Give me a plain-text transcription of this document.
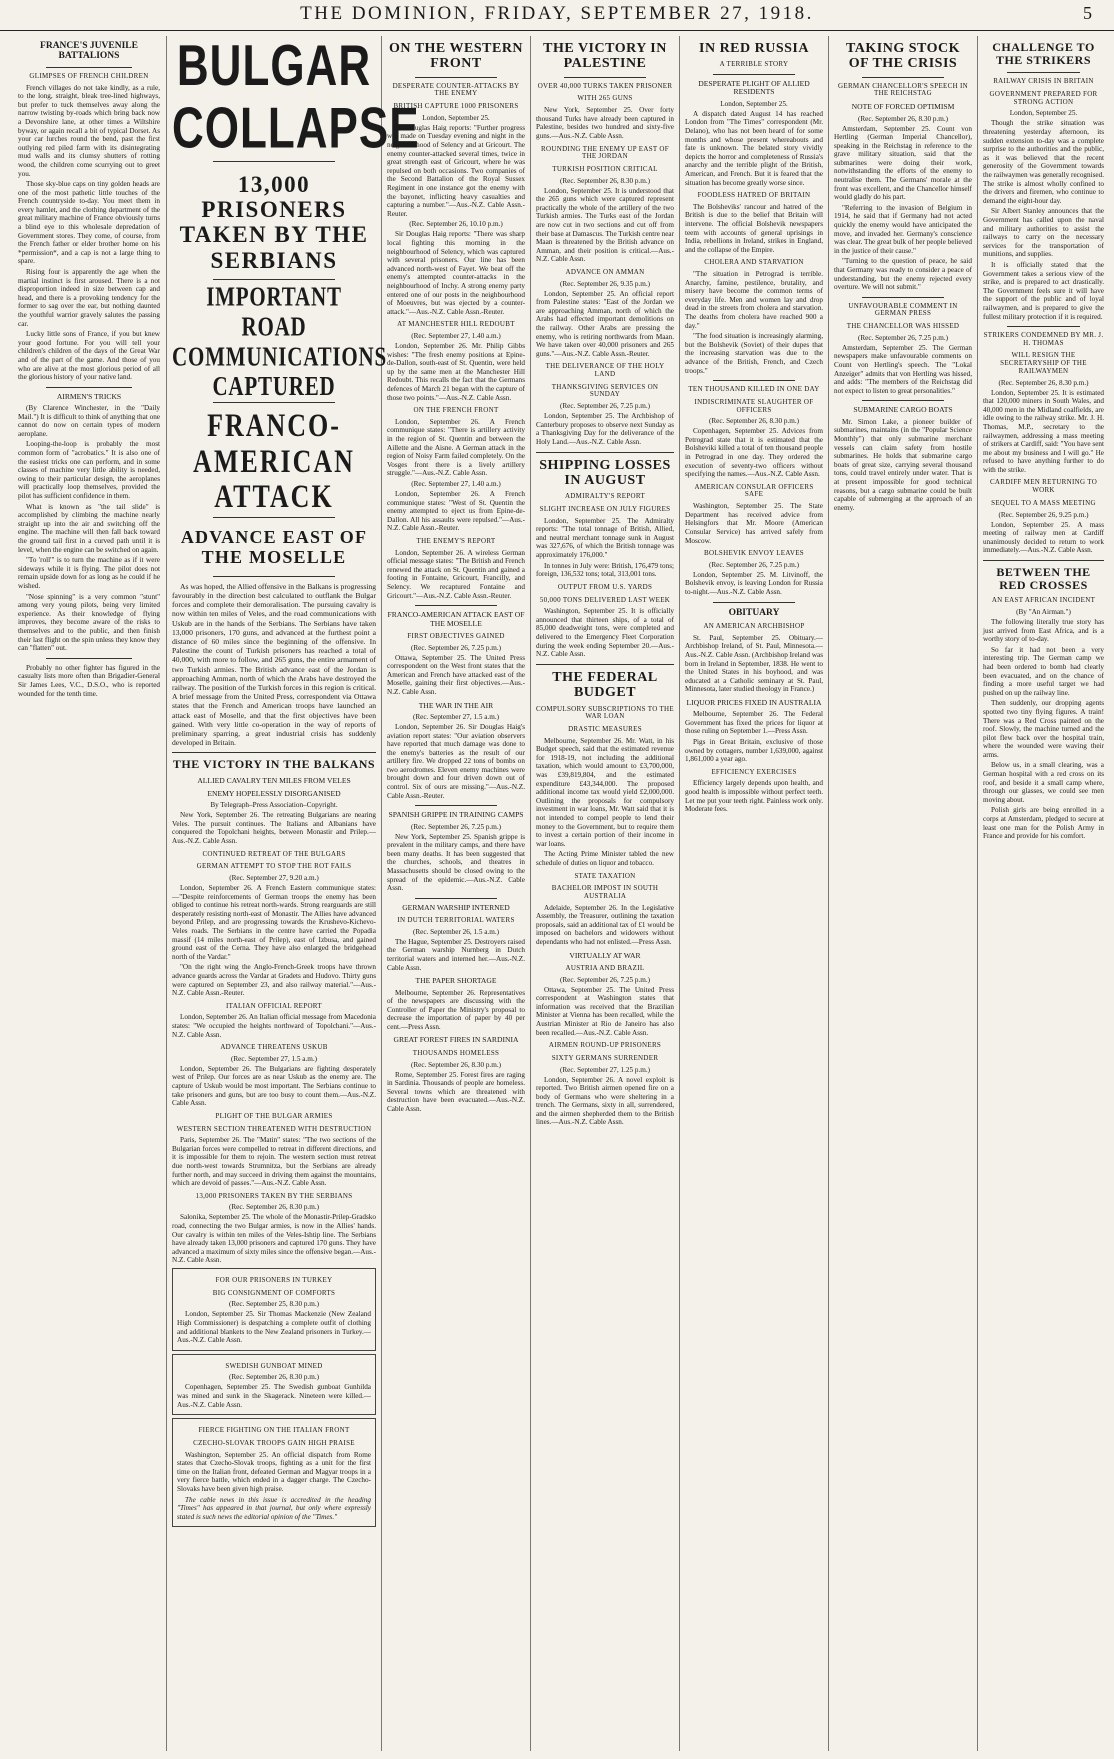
THE DOMINION, FRIDAY, SEPTEMBER 27, 1918.	5
FRANCE'S JUVENILE BATTALIONS
GLIMPSES OF FRENCH CHILDREN

French villages do not take kindly, as a rule, to the long, straight, bleak tree-lined highways, but prefer to tuck themselves away along the narrow twisting by-roads which bring back now a Devonshire lane, at other times a Wiltshire byway, or again recall a bit of typical Dorset. As your car lurches round the bend, past the first outlying red piled farm with its disintegrating mud walls and its clumsy shutters of rotting wood, the children come scurrying out to greet you.

Those sky-blue caps on tiny golden heads are one of the most pathetic little touches of the French countryside to-day. You meet them in every hamlet, and the clothing department of the great military machine of France obviously turns a blind eye to this wholesale depredation of Government stores. They come, of course, from the French father or elder brother home on his *permission*, and a cap is not a large thing to spare.

Rising four is apparently the age when the martial instinct is first aroused. There is a not disproportion indeed in size between cap and head, and there is a provoking tendency for the former to sag over the ear, but nothing daunted the youthful warrior gravely salutes the passing car.

Lucky little sons of France, if you but knew your good fortune. For you will tell your children's children of the days of the Great War and of the part of the game. And those of you who are alive at the most glorious period of all the glorious history of your native land.

AIRMEN'S TRICKS

(By Clarence Winchester, in the "Daily Mail.") It is difficult to think of anything that one cannot do now on certain types of modern aeroplane.

Looping-the-loop is probably the most common form of "acrobatics." It is also one of the easiest tricks one can perform, and in some classes of machine very little ability is needed, owing to their particular design, the aeroplanes will practically loop themselves, provided the pilot has sufficient confidence in them.

What is known as "the tail slide" is accomplished by climbing the machine nearly straight up into the air and switching off the engine. The machine will then fall back toward the ground tail first in a curved path until it is level, when the engine can be switched on again.

"To 'roll'" is to turn the machine as if it were sideways while it is flying. The pilot does not remain upside down for as long as he could if he wished.

"Nose spinning" is a very common "stunt" among very young pilots, being very limited experience. As their knowledge of flying improves, they become aware of the risks to themselves and to the public, and then finish their last flight on the spin unless they know they can "flatten" out.

Probably no other fighter has figured in the casualty lists more often than Brigadier-General Sir James Lees, V.C., D.S.O., who is reported wounded for the tenth time.

BULGAR COLLAPSE
13,000 PRISONERS TAKEN BY THE SERBIANS
IMPORTANT ROAD COMMUNICATIONS CAPTURED
FRANCO-AMERICAN ATTACK
ADVANCE EAST OF THE MOSELLE

As was hoped, the Allied offensive in the Balkans is progressing favourably in the direction best calculated to outflank the Bulgar forces and complete their demoralisation. The pursuing cavalry is now within ten miles of Veles, and the road communications with Uskub are in the hands of the Serbians. The Serbians have taken 13,000 prisoners, 170 guns, and advanced at the furthest point a distance of 60 miles since the beginning of the offensive. In Palestine the count of Turkish prisoners has reached a total of 40,000, with more to follow, and 265 guns, the entire armament of two Turkish armies. The British advance east of the Jordan is approaching Amman, north of which the Arabs have destroyed the railway. The position of the Turkish forces in this region is critical. A brief message from the United Press, correspondent via Ottawa states that the French and American troops have launched an attack east of Moselle, and that the first objectives have been gained. With very little co-operation in the way of reports of preliminary sparring, a great industrial crisis has suddenly developed in Britain.

THE VICTORY IN THE BALKANS
ALLIED CAVALRY TEN MILES FROM VELES
ENEMY HOPELESSLY DISORGANISED
By Telegraph–Press Association–Copyright.

New York, September 26. The retreating Bulgarians are nearing Veles. The pursuit continues. The Italians and Albanians have conquered the Topolchani heights, between Monastir and Prilep.—Aus.-N.Z. Cable Assn.

CONTINUED RETREAT OF THE BULGARS
GERMAN ATTEMPT TO STOP THE ROT FAILS
(Rec. September 27, 9.20 a.m.)

London, September 26. A French Eastern communique states:—"Despite reinforcements of German troops the enemy has been obliged to continue his retreat north-wards. Strong rearguards are still desperately resisting north-east of Monastir. The Allies have advanced beyond Prilep, and are progressing towards the Krushevo-Kichevo-Veles roads. The Serbians in the centre have carried the Popadia massif (14 miles north-east of Prilep), east of Izbusa, and gained ground east of the Cerna. They have also enlarged the bridgehead north of the Vardar."

"On the right wing the Anglo-French-Greek troops have thrown advance guards across the Vardar at Gradets and Hudovo. Thirty guns were captured on September 23, and also railway material."—Aus.-N.Z. Cable Assn.-Reuter.

ITALIAN OFFICIAL REPORT

London, September 26. An Italian official message from Macedonia states: "We occupied the heights northward of Topolchani."—Aus.-N.Z. Cable Assn.

ADVANCE THREATENS USKUB
(Rec. September 27, 1.5 a.m.)

London, September 26. The Bulgarians are fighting desperately west of Prilep. Our forces are as near Uskub as the enemy are. The capture of Uskub would be most important. The Serbians continue to take prisoners and guns, but are too busy to count them.—Aus.-N.Z. Cable Assn.

PLIGHT OF THE BULGAR ARMIES
WESTERN SECTION THREATENED WITH DESTRUCTION

Paris, September 26. The "Matin" states: "The two sections of the Bulgarian forces were compelled to retreat in different directions, and it is impossible for them to rejoin. The western section must retreat due north-west towards Strumnitza, but the Serbians are already further north, and may succeed in driving them against the mountains, which are devoid of passes."—Aus.-N.Z. Cable Assn.

13,000 PRISONERS TAKEN BY THE SERBIANS
(Rec. September 26, 8.30 p.m.)

Salonika, September 25. The whole of the Monastir-Prilep-Gradsko road, connecting the two Bulgar armies, is now in the Allies' hands. Our cavalry is within ten miles of the Veles-Ishtip line. The Serbians have already taken 13,000 prisoners and captured 170 guns. They have advanced a maximum of sixty miles since the offensive began.—Aus.-N.Z. Cable Assn.

FOR OUR PRISONERS IN TURKEY
BIG CONSIGNMENT OF COMFORTS
(Rec. September 25, 8.30 p.m.)

London, September 25. Sir Thomas Mackenzie (New Zealand High Commissioner) is despatching a complete outfit of clothing and additional blankets to the New Zealand prisoners in Turkey.—Aus.-N.Z. Cable Assn.

SWEDISH GUNBOAT MINED
(Rec. September 26, 8.30 p.m.)

Copenhagen, September 25. The Swedish gunboat Gunhilda was mined and sunk in the Skagerack. Nineteen were killed.—Aus.-N.Z. Cable Assn.

FIERCE FIGHTING ON THE ITALIAN FRONT
CZECHO-SLOVAK TROOPS GAIN HIGH PRAISE

Washington, September 25. An official dispatch from Rome states that Czecho-Slovak troops, fighting as a unit for the first time on the Italian front, defeated German and Magyar troops in a very fierce battle, which ended in a dagger charge. The Czecho-Slovaks have been given high praise.

The cable news in this issue is accredited in the heading "Times" has appeared in that journal, but only where expressly stated is such news the editorial opinion of the "Times."

ON THE WESTERN FRONT
DESPERATE COUNTER-ATTACKS BY THE ENEMY
BRITISH CAPTURE 1000 PRISONERS
London, September 25.

Sir Douglas Haig reports: "Further progress was made on Tuesday evening and night in the neighbourhood of Selency and at Gricourt. The enemy counter-attacked several times, twice in great strength east of Gricourt, where he was repulsed on both occasions. Two companies of the Second Battalion of the Royal Sussex Regiment in one instance got the enemy with the bayonet, inflicting heavy casualties and capturing a number."—Aus.-N.Z. Cable Assn.-Reuter.

(Rec. September 26, 10.10 p.m.)

Sir Douglas Haig reports: "There was sharp local fighting this morning in the neighbourhood of Selency, which was captured with several prisoners. Our line has been advanced north-west of Fayet. We beat off the enemy's attempted counter-attacks in the neighbourhood of Inchy. A strong enemy party entered one of our posts in the neighbourhood of Moeuvres, but was ejected by a counter-attack."—Aus.-N.Z. Cable Assn.-Reuter.

AT MANCHESTER HILL REDOUBT
(Rec. September 27, 1.40 a.m.)

London, September 26. Mr. Philip Gibbs wishes: "The fresh enemy positions at Epine-de-Dallon, south-east of St. Quentin, were held up by the same men at the Manchester Hill Redoubt. This recalls the fact that the Germans defences of March 21 began with the capture of those two points."—Aus.-N.Z. Cable Assn.

ON THE FRENCH FRONT

London, September 26. A French communique states: "There is artillery activity in the region of St. Quentin and between the Aillette and the Aisne. A German attack in the region of Noisy Farm failed completely. On the Vosges front there is a lively artillery struggle."—Aus.-N.Z. Cable Assn.

(Rec. September 27, 1.40 a.m.)

London, September 26. A French communique states: "West of St. Quentin the enemy attempted to eject us from Epine-de-Dallon. All his assaults were repulsed."—Aus.-N.Z. Cable Assn.-Reuter.

THE ENEMY'S REPORT

London, September 26. A wireless German official message states: "The British and French renewed the attack on St. Quentin and gained a footing in Fontaine, Gricourt, Francilly, and Selency. We recaptured Fontaine and Gricourt."—Aus.-N.Z. Cable Assn.-Reuter.

FRANCO-AMERICAN ATTACK EAST OF THE MOSELLE
FIRST OBJECTIVES GAINED
(Rec. September 26, 7.25 p.m.)

Ottawa, September 25. The United Press correspondent on the West front states that the American and French have attacked east of the Moselle, gaining their first objectives.—Aus.-N.Z. Cable Assn.

THE WAR IN THE AIR
(Rec. September 27, 1.5 a.m.)

London, September 26. Sir Douglas Haig's aviation report states: "Our aviation observers have reported that much damage was done to the enemy's batteries as the result of our artillery fire. We dropped 22 tons of bombs on two aerodromes. Eleven enemy machines were brought down and four driven down out of control. Six of ours are missing."—Aus.-N.Z. Cable Assn.-Reuter.

SPANISH GRIPPE IN TRAINING CAMPS
(Rec. September 26, 7.25 p.m.)

New York, September 25. Spanish grippe is prevalent in the military camps, and there have been many deaths. It has been suggested that the churches, schools, and theatres in Massachusetts should be closed owing to the spread of the epidemic.—Aus.-N.Z. Cable Assn.

GERMAN WARSHIP INTERNED
IN DUTCH TERRITORIAL WATERS
(Rec. September 26, 1.5 a.m.)

The Hague, September 25. Destroyers raised the German warship Nurnberg in Dutch territorial waters and interned her.—Aus.-N.Z. Cable Assn.

THE PAPER SHORTAGE

Melbourne, September 26. Representatives of the newspapers are discussing with the Controller of Paper the Ministry's proposal to decrease the importation of paper by 40 per cent.—Press Assn.

GREAT FOREST FIRES IN SARDINIA
THOUSANDS HOMELESS
(Rec. September 26, 8.30 p.m.)

Rome, September 25. Forest fires are raging in Sardinia. Thousands of people are homeless. Several towns which are threatened with destruction have been evacuated.—Aus.-N.Z. Cable Assn.

THE VICTORY IN PALESTINE
OVER 40,000 TURKS TAKEN PRISONER
WITH 265 GUNS

New York, September 25. Over forty thousand Turks have already been captured in Palestine, besides two hundred and sixty-five guns.—Aus.-N.Z. Cable Assn.

ROUNDING THE ENEMY UP EAST OF THE JORDAN
TURKISH POSITION CRITICAL
(Rec. September 26, 8.30 p.m.)

London, September 25. It is understood that the 265 guns which were captured represent practically the whole of the artillery of the two Turkish armies. The Turks east of the Jordan are now cut in two sections and cut off from their base at Damascus. The Turkish centre near Maan is threatened by the British advance on Amman, and their position is critical.—Aus.-N.Z. Cable Assn.

ADVANCE ON AMMAN
(Rec. September 26, 9.35 p.m.)

London, September 25. An official report from Palestine states: "East of the Jordan we are approaching Amman, north of which the Arabs had effected important demolitions on the railway. Other Arabs are pressing the enemy, who is retiring northwards from Maan. We have taken over 40,000 prisoners and 265 guns."—Aus.-N.Z. Cable Assn.-Reuter.

THE DELIVERANCE OF THE HOLY LAND
THANKSGIVING SERVICES ON SUNDAY
(Rec. September 26, 7.25 p.m.)

London, September 25. The Archbishop of Canterbury proposes to observe next Sunday as a Thanksgiving Day for the deliverance of the Holy Land.—Aus.-N.Z. Cable Assn.

SHIPPING LOSSES IN AUGUST
ADMIRALTY'S REPORT
SLIGHT INCREASE ON JULY FIGURES

London, September 25. The Admiralty reports: "The total tonnage of British, Allied, and neutral merchant tonnage sunk in August was 327,676, of which the British tonnage was approximately 176,000."

In tonnes in July were: British, 176,479 tons; foreign, 136,532 tons; total, 313,001 tons.

OUTPUT FROM U.S. YARDS
50,000 TONS DELIVERED LAST WEEK

Washington, September 25. It is officially announced that thirteen ships, of a total of 85,000 deadweight tons, were completed and delivered to the Emergency Fleet Corporation during the week ending September 20.—Aus.-N.Z. Cable Assn.

THE FEDERAL BUDGET
COMPULSORY SUBSCRIPTIONS TO THE WAR LOAN
DRASTIC MEASURES

Melbourne, September 26. Mr. Watt, in his Budget speech, said that the estimated revenue for 1918-19, not including the additional taxation, which would amount to £3,700,000, was £39,819,804, and the estimated expenditure £43,344,000. The proposed additional income tax would yield £2,000,000. Outlining the proposals for compulsory investment in war loans, Mr. Watt said that it is not intended to compel people to lend their money to the Government, but to require them to invest a certain portion of their income in war loans.

The Acting Prime Minister tabled the new schedule of duties on liquor and tobacco.

STATE TAXATION
BACHELOR IMPOST IN SOUTH AUSTRALIA

Adelaide, September 26. In the Legislative Assembly, the Treasurer, outlining the taxation proposals, said an additional tax of £1 would be imposed on bachelors and widowers without dependants who had not enlisted.—Press Assn.

VIRTUALLY AT WAR
AUSTRIA AND BRAZIL
(Rec. September 26, 7.25 p.m.)

Ottawa, September 25. The United Press correspondent at Washington states that information was received that the Brazilian Minister at Vienna has been recalled, while the Austrian Minister at Rio de Janeiro has also been recalled.—Aus.-N.Z. Cable Assn.

AIRMEN ROUND-UP PRISONERS
SIXTY GERMANS SURRENDER
(Rec. September 27, 1.25 p.m.)

London, September 26. A novel exploit is reported. Two British airmen opened fire on a body of Germans who were sheltering in a trench. The Germans, sixty in all, surrendered, and the airmen shepherded them to the British lines.—Aus.-N.Z. Cable Assn.

IN RED RUSSIA
A TERRIBLE STORY
DESPERATE PLIGHT OF ALLIED RESIDENTS
London, September 25.

A dispatch dated August 14 has reached London from "The Times" correspondent (Mr. Delano), who has not been heard of for some months and whose present whereabouts and fate is unknown. The belated story vividly depicts the horror and completeness of Russia's anarchy and the terrible plight of the British, American, and French. But it is feared that the situation has become greatly worse since.

FOODLESS HATRED OF BRITAIN

The Bolsheviks' rancour and hatred of the British is due to the belief that Britain will intervene. The official Bolshevik newspapers teem with accounts of general uprisings in India, rebellions in Ireland, strikes in England, and the collapse of the Empire.

CHOLERA AND STARVATION

"The situation in Petrograd is terrible. Anarchy, famine, pestilence, brutality, and misery have become the common terms of everyday life. Men and women lay and drop dead in the streets from cholera and starvation. The deaths from cholera have reached 900 a day."

"The food situation is increasingly alarming, but the Bolshevik (Soviet) of their dupes that the increasing starvation was due to the advance of the British, French, and Czech troops."

TEN THOUSAND KILLED IN ONE DAY
INDISCRIMINATE SLAUGHTER OF OFFICERS
(Rec. September 26, 8.30 p.m.)

Copenhagen, September 25. Advices from Petrograd state that it is estimated that the Bolsheviki killed a total of ten thousand people in Petrograd in one day. They ordered the execution of seventy-two officers without specifying the names.—Aus.-N.Z. Cable Assn.

AMERICAN CONSULAR OFFICERS SAFE

Washington, September 25. The State Department has received advice from Helsingfors that Mr. Moore (American Consular Service) has arrived safely from Moscow.

BOLSHEVIK ENVOY LEAVES
(Rec. September 26, 7.25 p.m.)

London, September 25. M. Litvinoff, the Bolshevik envoy, is leaving London for Russia to-night.—Aus.-N.Z. Cable Assn.

OBITUARY
AN AMERICAN ARCHBISHOP

St. Paul, September 25. Obituary.—Archbishop Ireland, of St. Paul, Minnesota.—Aus.-N.Z. Cable Assn. (Archbishop Ireland was born in Ireland in September, 1838. He went to the United States in his boyhood, and was educated at a Catholic seminary at St. Paul, Minnesota, later studied theology in France.)

LIQUOR PRICES FIXED IN AUSTRALIA

Melbourne, September 26. The Federal Government has fixed the prices for liquor at those ruling on September 1.—Press Assn.

Pigs in Great Britain, exclusive of those owned by cottagers, number 1,639,000, against 1,861,000 a year ago.

EFFICIENCY EXERCISES

Efficiency largely depends upon health, and good health is impossible without perfect teeth. Let me put your teeth right. Painless work only. Moderate fees.

TAKING STOCK OF THE CRISIS
GERMAN CHANCELLOR'S SPEECH IN THE REICHSTAG
NOTE OF FORCED OPTIMISM
(Rec. September 26, 8.30 p.m.)

Amsterdam, September 25. Count von Hertling (German Imperial Chancellor), speaking in the Reichstag in reference to the grave military situation, said that the submarines were doing their work, notwithstanding the efforts of the enemy to neutralise them. The Germans' morale at the front was excellent, and the Chancellor himself would gladly do his part.

"Referring to the invasion of Belgium in 1914, he said that if Germany had not acted quickly the enemy would have anticipated the move, and invaded her. Germany's conscience was clear. The great bulk of her people believed in the justice of their cause."

"Turning to the question of peace, he said that Germany was ready to consider a peace of understanding, but the enemy rejected every overture. We will not submit."

UNFAVOURABLE COMMENT IN GERMAN PRESS
THE CHANCELLOR WAS HISSED
(Rec. September 26, 7.25 p.m.)

Amsterdam, September 25. The German newspapers make unfavourable comments on Count von Hertling's speech. The "Lokal Anzeiger" admits that von Hertling was hissed, and adds: "The members of the Reichstag did not expect to listen to great personalities."

SUBMARINE CARGO BOATS

Mr. Simon Lake, a pioneer builder of submarines, maintains (in the "Popular Science Monthly") that only submarine merchant vessels can claim safety from hostile submarines. He holds that submarine cargo boats of great size, carrying several thousand tons, could travel entirely under water. That is at present impossible for good technical reasons, but a cargo submarine could be built capable of submerging at the approach of an enemy.

CHALLENGE TO THE STRIKERS
RAILWAY CRISIS IN BRITAIN
GOVERNMENT PREPARED FOR STRONG ACTION
London, September 25.

Though the strike situation was threatening yesterday afternoon, its sudden extension to-day was a complete surprise to the authorities and the public, as it was believed that the recent generosity of the Government towards the railwaymen was generally recognised. The strike is almost wholly confined to the drivers and firemen, who continue to demand the eight-hour day.

Sir Albert Stanley announces that the Government has called upon the naval and military authorities to assist the railways to carry on the necessary services for the transportation of munitions, and supplies.

It is officially stated that the Government takes a serious view of the strike, and is prepared to act drastically. The Government feels sure it will have the support of the public and of loyal railwaymen, and is prepared to give the fullest military protection if it is required.

STRIKERS CONDEMNED BY MR. J. H. THOMAS
WILL RESIGN THE SECRETARYSHIP OF THE RAILWAYMEN
(Rec. September 26, 8.30 p.m.)

London, September 25. It is estimated that 120,000 miners in South Wales, and 40,000 men in the Midland coalfields, are idle owing to the railway strike. Mr. J. H. Thomas, M.P., secretary to the railwaymen, addressing a mass meeting of strikers at Cardiff, said: "You have sent me about my business and I will go." He refused to have anything further to do with the strike.

CARDIFF MEN RETURNING TO WORK
SEQUEL TO A MASS MEETING
(Rec. September 26, 9.25 p.m.)

London, September 25. A mass meeting of railway men at Cardiff unanimously decided to return to work immediately.—Aus.-N.Z. Cable Assn.

BETWEEN THE RED CROSSES
AN EAST AFRICAN INCIDENT
(By "An Airman.")

The following literally true story has just arrived from East Africa, and is a worthy story of to-day.

So far it had not been a very interesting trip. The German camp we had been ordered to bomb had clearly been evacuated, and on the chance of finding a more useful target we had pushed on up the railway line.

Then suddenly, our dropping agents spotted two tiny flying figures. A train! There was a Red Cross painted on the roof. Slowly, the machine turned and the pilot flew back over the hospital train, where the wounded were waving their arms.

Below us, in a small clearing, was a German hospital with a red cross on its roof, and beside it a small camp where, through our glasses, we could see men moving about.

Polish girls are being enrolled in a corps at Amsterdam, pledged to secure at least one man for the Polish Army in France and provide for his comfort.
